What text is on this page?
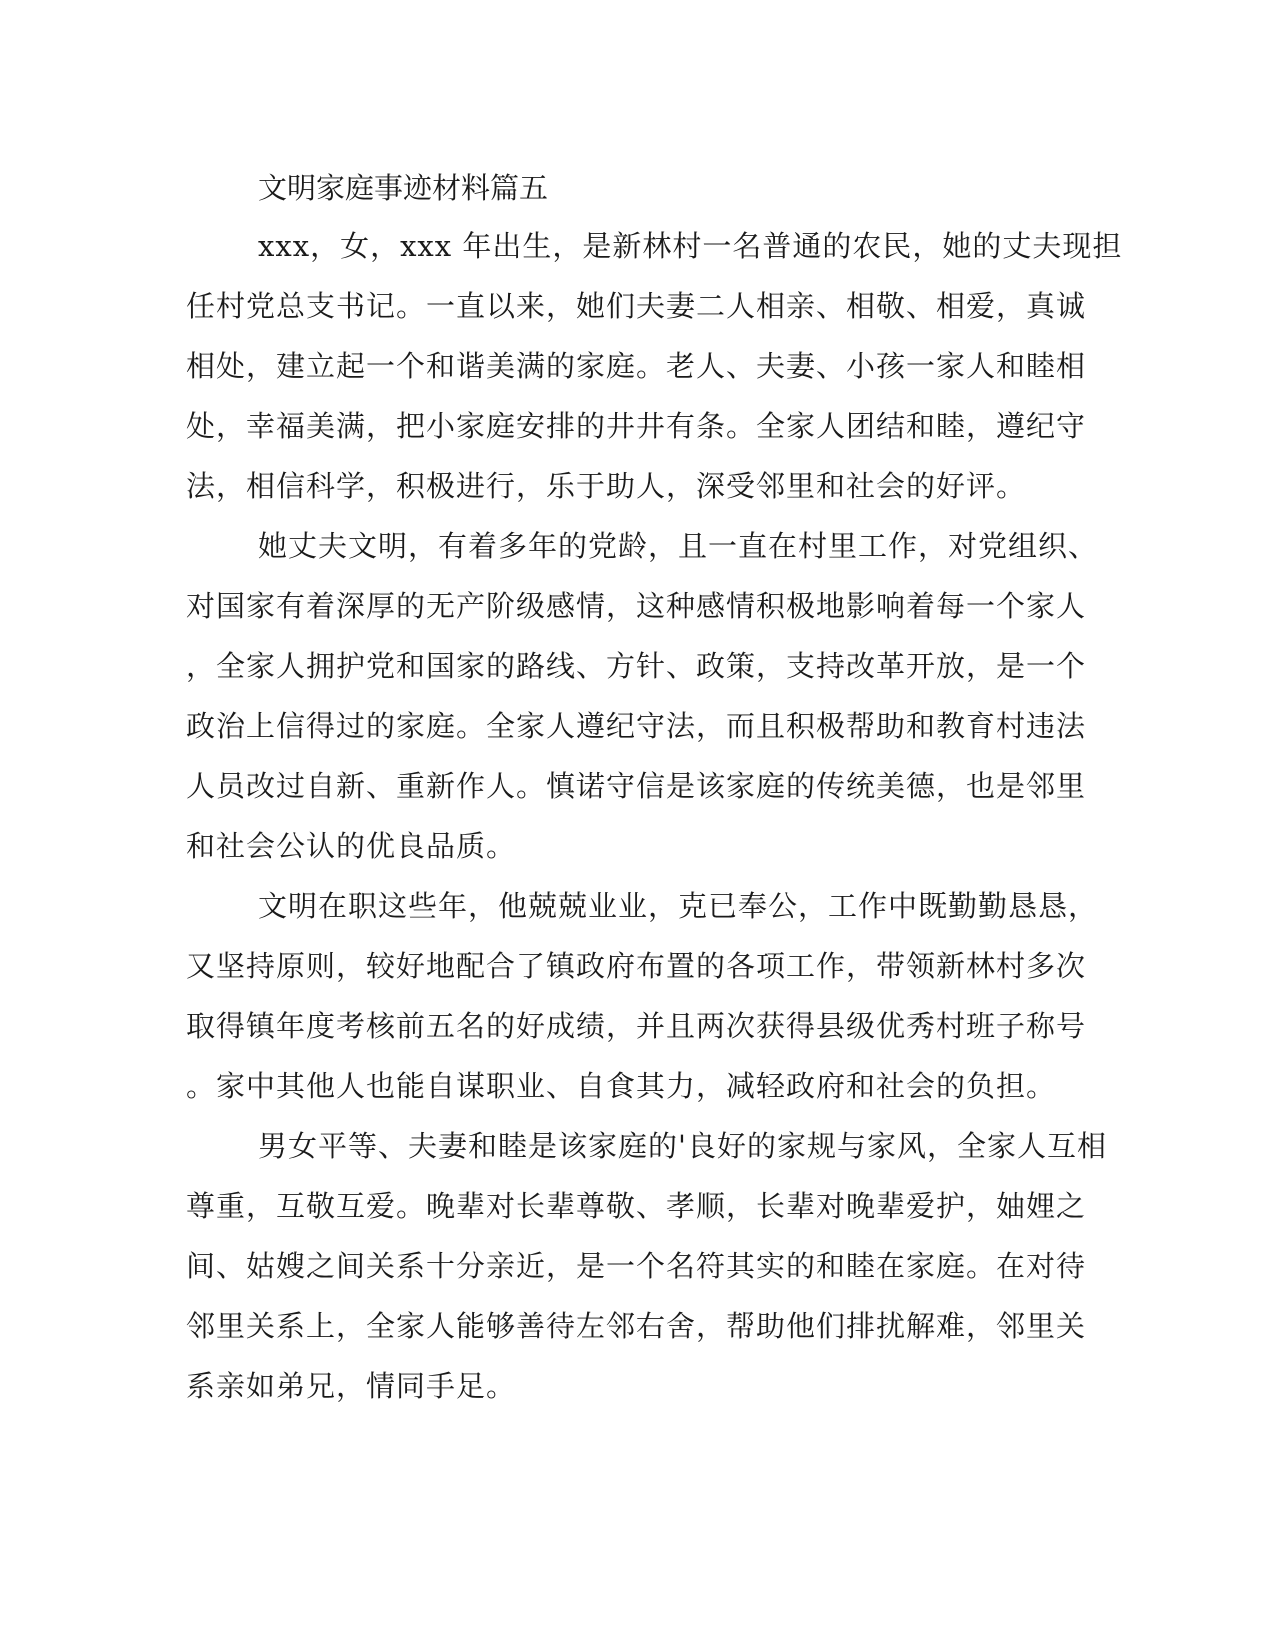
文明家庭事迹材料篇五
xxx，女，xxx 年出生，是新林村一名普通的农民，她的丈夫现担
任村党总支书记。一直以来，她们夫妻二人相亲、相敬、相爱，真诚
相处，建立起一个和谐美满的家庭。老人、夫妻、小孩一家人和睦相
处，幸福美满，把小家庭安排的井井有条。全家人团结和睦，遵纪守
法，相信科学，积极进行，乐于助人，深受邻里和社会的好评。
她丈夫文明，有着多年的党龄，且一直在村里工作，对党组织、
对国家有着深厚的无产阶级感情，这种感情积极地影响着每一个家人
，全家人拥护党和国家的路线、方针、政策，支持改革开放，是一个
政治上信得过的家庭。全家人遵纪守法，而且积极帮助和教育村违法
人员改过自新、重新作人。慎诺守信是该家庭的传统美德，也是邻里
和社会公认的优良品质。
文明在职这些年，他兢兢业业，克已奉公，工作中既勤勤恳恳，
又坚持原则，较好地配合了镇政府布置的各项工作，带领新林村多次
取得镇年度考核前五名的好成绩，并且两次获得县级优秀村班子称号
。家中其他人也能自谋职业、自食其力，减轻政府和社会的负担。
男女平等、夫妻和睦是该家庭的'良好的家规与家风，全家人互相
尊重，互敬互爱。晚辈对长辈尊敬、孝顺，长辈对晚辈爱护，妯娌之
间、姑嫂之间关系十分亲近，是一个名符其实的和睦在家庭。在对待
邻里关系上，全家人能够善待左邻右舍，帮助他们排扰解难，邻里关
系亲如弟兄，情同手足。
